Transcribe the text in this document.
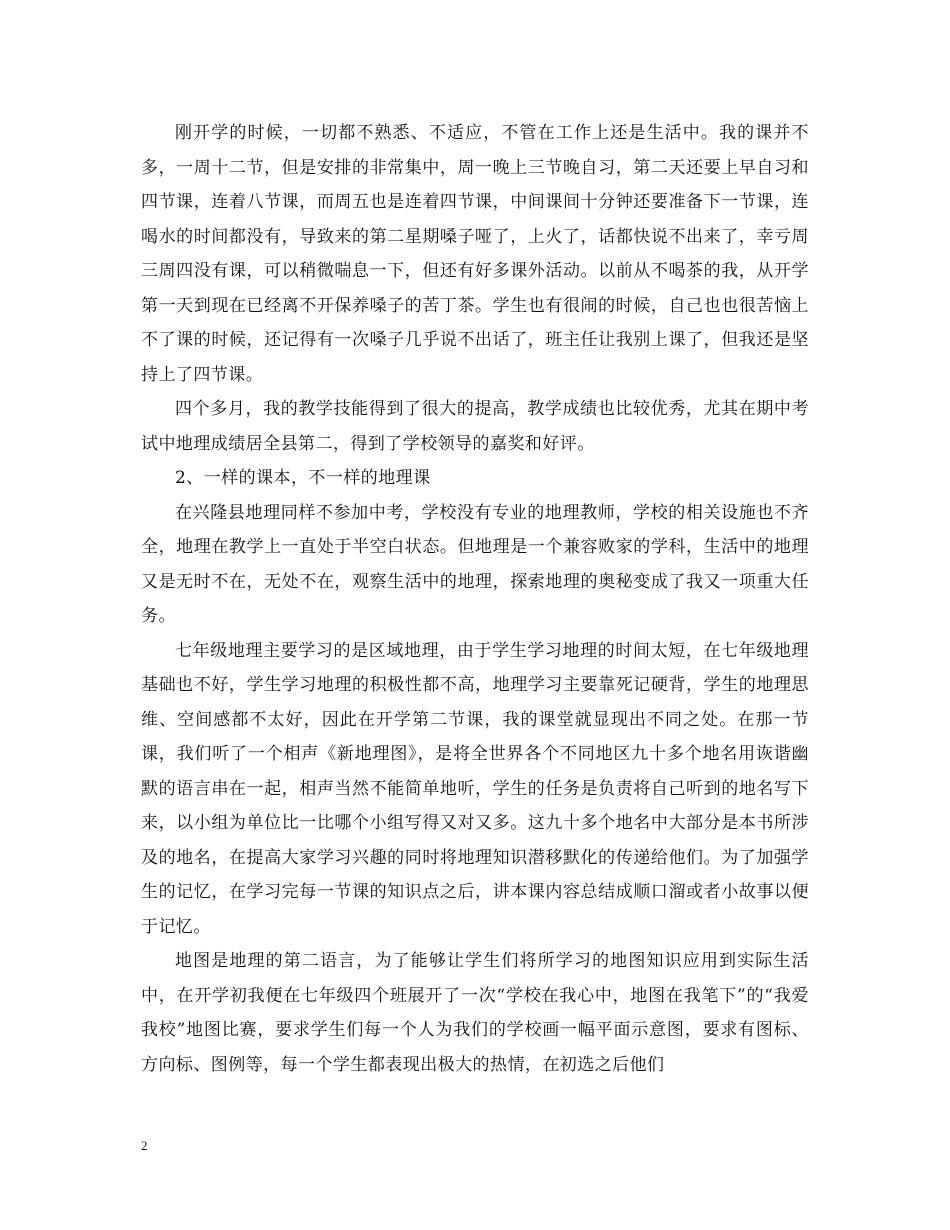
刚开学的时候，一切都不熟悉、不适应，不管在工作上还是生活中。我的课并不多，一周十二节，但是安排的非常集中，周一晚上三节晚自习，第二天还要上早自习和四节课，连着八节课，而周五也是连着四节课，中间课间十分钟还要准备下一节课，连喝水的时间都没有，导致来的第二星期嗓子哑了，上火了，话都快说不出来了，幸亏周三周四没有课，可以稍微喘息一下，但还有好多课外活动。以前从不喝茶的我，从开学第一天到现在已经离不开保养嗓子的苦丁茶。学生也有很闹的时候，自己也也很苦恼上不了课的时候，还记得有一次嗓子几乎说不出话了，班主任让我别上课了，但我还是坚持上了四节课。

四个多月，我的教学技能得到了很大的提高，教学成绩也比较优秀，尤其在期中考试中地理成绩居全县第二，得到了学校领导的嘉奖和好评。

2、一样的课本，不一样的地理课

在兴隆县地理同样不参加中考，学校没有专业的地理教师，学校的相关设施也不齐全，地理在教学上一直处于半空白状态。但地理是一个兼容败家的学科，生活中的地理又是无时不在，无处不在，观察生活中的地理，探索地理的奥秘变成了我又一项重大任务。

七年级地理主要学习的是区域地理，由于学生学习地理的时间太短，在七年级地理基础也不好，学生学习地理的积极性都不高，地理学习主要靠死记硬背，学生的地理思维、空间感都不太好，因此在开学第二节课，我的课堂就显现出不同之处。在那一节课，我们听了一个相声《新地理图》，是将全世界各个不同地区九十多个地名用诙谐幽默的语言串在一起，相声当然不能简单地听，学生的任务是负责将自己听到的地名写下来，以小组为单位比一比哪个小组写得又对又多。这九十多个地名中大部分是本书所涉及的地名，在提高大家学习兴趣的同时将地理知识潜移默化的传递给他们。为了加强学生的记忆，在学习完每一节课的知识点之后，讲本课内容总结成顺口溜或者小故事以便于记忆。

地图是地理的第二语言，为了能够让学生们将所学习的地图知识应用到实际生活中，在开学初我便在七年级四个班展开了一次“学校在我心中，地图在我笔下”的“我爱我校”地图比赛，要求学生们每一个人为我们的学校画一幅平面示意图，要求有图标、方向标、图例等，每一个学生都表现出极大的热情，在初选之后他们

2
